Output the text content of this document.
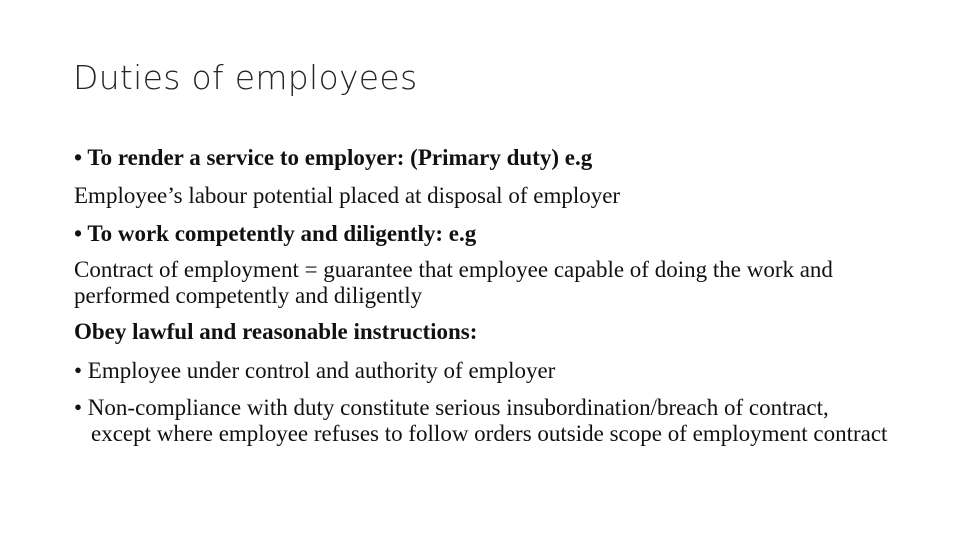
Duties of employees
• To render a service to employer: (Primary duty) e.g
Employee’s labour potential placed at disposal of employer
• To work competently and diligently: e.g
Contract of employment = guarantee that employee capable of doing the work and performed competently and diligently
Obey lawful and reasonable instructions:
• Employee under control and authority of employer
• Non-compliance with duty constitute serious insubordination/breach of contract, except where employee refuses to follow orders outside scope of employment contract
